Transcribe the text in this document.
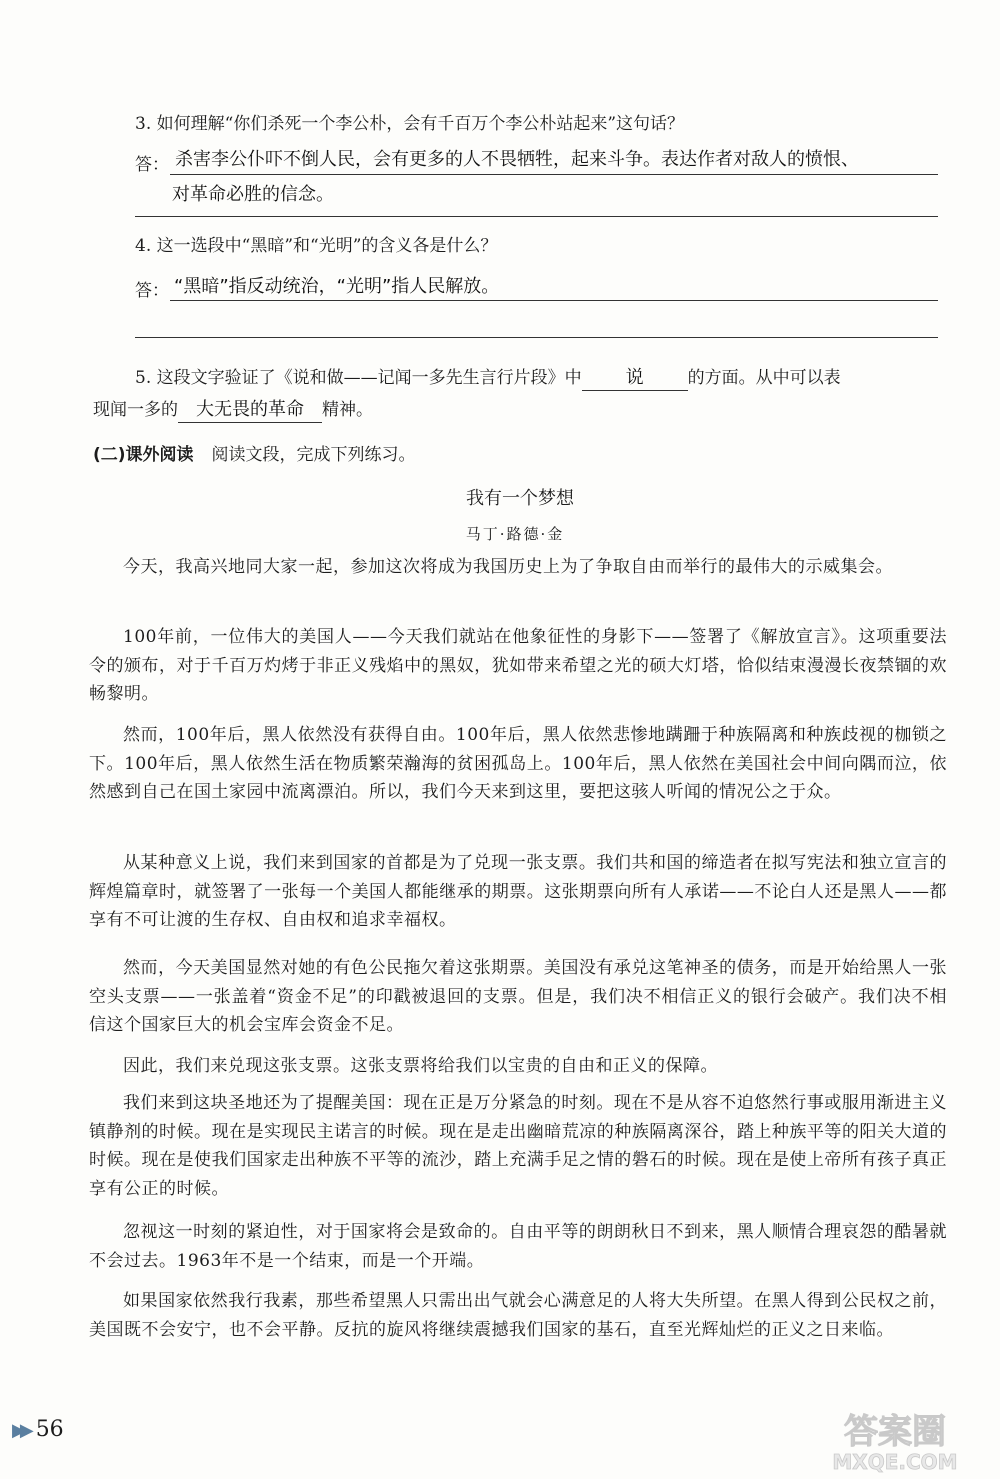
3. 如何理解“你们杀死一个李公朴，会有千百万个李公朴站起来”这句话？
答： 杀害李公仆吓不倒人民，会有更多的人不畏牺牲，起来斗争。表达作者对敌人的愤恨、
对革命必胜的信念。
4. 这一选段中“黑暗”和“光明”的含义各是什么？
答： “黑暗”指反动统治，“光明”指人民解放。
5. 这段文字验证了《说和做——记闻一多先生言行片段》中 说	的方面。从中可以表
现闻一多的 大无畏的革命 精神。
(二)课外阅读 阅读文段，完成下列练习。
我有一个梦想
马丁·路德·金
今天，我高兴地同大家一起，参加这次将成为我国历史上为了争取自由而举行的最伟大的示威集会。
100年前，一位伟大的美国人——今天我们就站在他象征性的身影下——签署了《解放宣言》。这项重要法令的颁布，对于千百万灼烤于非正义残焰中的黑奴，犹如带来希望之光的硕大灯塔，恰似结束漫漫长夜禁锢的欢畅黎明。
然而，100年后，黑人依然没有获得自由。100年后，黑人依然悲惨地蹒跚于种族隔离和种族歧视的枷锁之下。100年后，黑人依然生活在物质繁荣瀚海的贫困孤岛上。100年后，黑人依然在美国社会中间向隅而泣，依然感到自己在国土家园中流离漂泊。所以，我们今天来到这里，要把这骇人听闻的情况公之于众。
从某种意义上说，我们来到国家的首都是为了兑现一张支票。我们共和国的缔造者在拟写宪法和独立宣言的辉煌篇章时，就签署了一张每一个美国人都能继承的期票。这张期票向所有人承诺——不论白人还是黑人——都享有不可让渡的生存权、自由权和追求幸福权。
然而，今天美国显然对她的有色公民拖欠着这张期票。美国没有承兑这笔神圣的债务，而是开始给黑人一张空头支票——一张盖着“资金不足”的印戳被退回的支票。但是，我们决不相信正义的银行会破产。我们决不相信这个国家巨大的机会宝库会资金不足。
因此，我们来兑现这张支票。这张支票将给我们以宝贵的自由和正义的保障。
我们来到这块圣地还为了提醒美国：现在正是万分紧急的时刻。现在不是从容不迫悠然行事或服用渐进主义镇静剂的时候。现在是实现民主诺言的时候。现在是走出幽暗荒凉的种族隔离深谷，踏上种族平等的阳关大道的时候。现在是使我们国家走出种族不平等的流沙，踏上充满手足之情的磐石的时候。现在是使上帝所有孩子真正享有公正的时候。
忽视这一时刻的紧迫性，对于国家将会是致命的。自由平等的朗朗秋日不到来，黑人顺情合理哀怨的酷暑就不会过去。1963年不是一个结束，而是一个开端。
如果国家依然我行我素，那些希望黑人只需出出气就会心满意足的人将大失所望。在黑人得到公民权之前，美国既不会安宁，也不会平静。反抗的旋风将继续震撼我们国家的基石，直至光辉灿烂的正义之日来临。
▶▶ 56	答案圈
MXQE.COM
